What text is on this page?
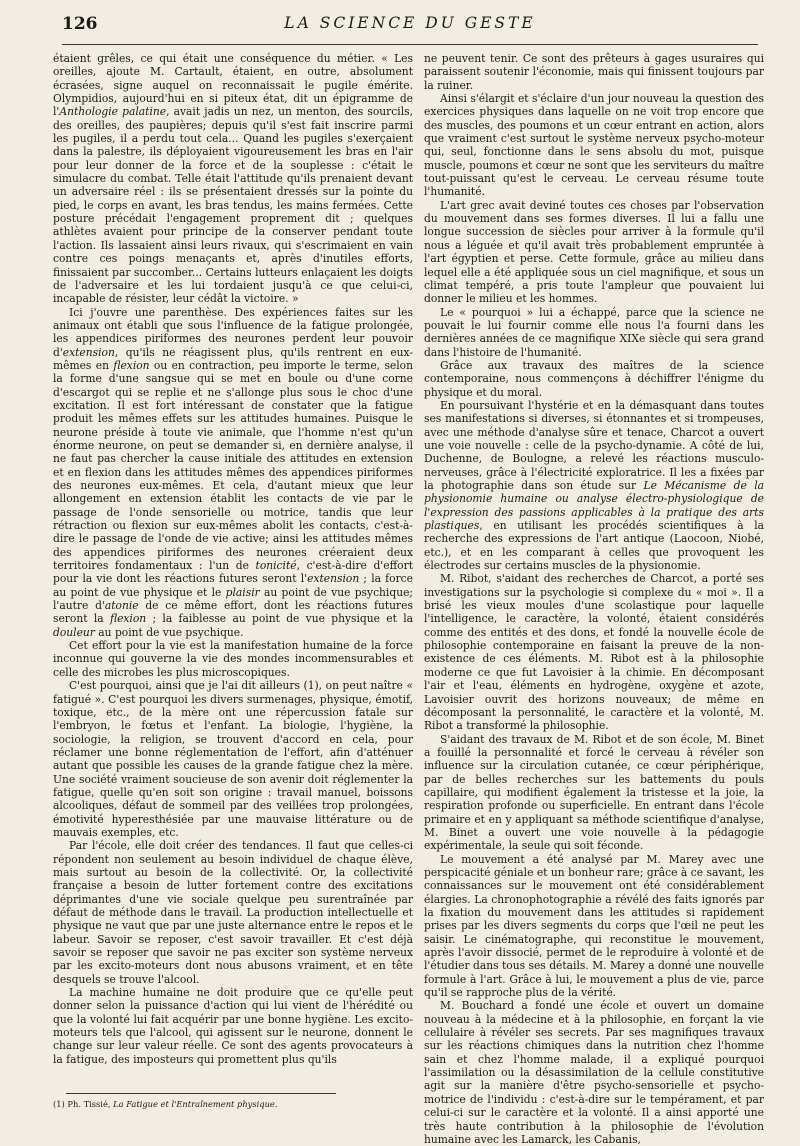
126	LA SCIENCE DU GESTE

étaient grêles, ce qui était une conséquence du métier. « Les oreilles, ajoute M. Cartault, étaient, en outre, absolument écrasées, signe auquel on reconnaissait le pugile émérite. Olympidios, aujourd'hui en si piteux état, dit un épigramme de l'Anthologie palatine, avait jadis un nez, un menton, des sourcils, des oreilles, des paupières; depuis qu'il s'est fait inscrire parmi les pugiles, il a perdu tout cela... Quand les pugiles s'exerçaient dans la palestre, ils déployaient vigoureusement les bras en l'air pour leur donner de la force et de la souplesse : c'était le simulacre du combat. Telle était l'attitude qu'ils prenaient devant un adversaire réel : ils se présentaient dressés sur la pointe du pied, le corps en avant, les bras tendus, les mains fermées. Cette posture précédait l'engagement proprement dit ; quelques athlètes avaient pour principe de la conserver pendant toute l'action. Ils lassaient ainsi leurs rivaux, qui s'escrimaient en vain contre ces poings menaçants et, après d'inutiles efforts, finissaient par succomber... Certains lutteurs enlaçaient les doigts de l'adversaire et les lui tordaient jusqu'à ce que celui-ci, incapable de résister, leur cédât la victoire. »

Ici j'ouvre une parenthèse. Des expériences faites sur les animaux ont établi que sous l'influence de la fatigue prolongée, les appendices piriformes des neurones perdent leur pouvoir d'extension, qu'ils ne réagissent plus, qu'ils rentrent en eux-mêmes en flexion ou en contraction, peu importe le terme, selon la forme d'une sangsue qui se met en boule ou d'une corne d'escargot qui se replie et ne s'allonge plus sous le choc d'une excitation. Il est fort intéressant de constater que la fatigue produit les mêmes effets sur les attitudes humaines. Puisque le neurone préside à toute vie animale, que l'homme n'est qu'un énorme neurone, on peut se demander si, en dernière analyse, il ne faut pas chercher la cause initiale des attitudes en extension et en flexion dans les attitudes mêmes des appendices piriformes des neurones eux-mêmes. Et cela, d'autant mieux que leur allongement en extension établit les contacts de vie par le passage de l'onde sensorielle ou motrice, tandis que leur rétraction ou flexion sur eux-mêmes abolit les contacts, c'est-à-dire le passage de l'onde de vie active; ainsi les attitudes mêmes des appendices piriformes des neurones créeraient deux territoires fondamentaux : l'un de tonicité, c'est-à-dire d'effort pour la vie dont les réactions futures seront l'extension ; la force au point de vue physique et le plaisir au point de vue psychique; l'autre d'atonie de ce même effort, dont les réactions futures seront la flexion ; la faiblesse au point de vue physique et la douleur au point de vue psychique.

Cet effort pour la vie est la manifestation humaine de la force inconnue qui gouverne la vie des mondes incommensurables et celle des microbes les plus microscopiques.

C'est pourquoi, ainsi que je l'ai dit ailleurs (1), on peut naître « fatigué ». C'est pourquoi les divers surmenages, physique, émotif, toxique, etc., de la mère ont une répercussion fatale sur l'embryon, le fœtus et l'enfant. La biologie, l'hygiène, la sociologie, la religion, se trouvent d'accord en cela, pour réclamer une bonne réglementation de l'effort, afin d'atténuer autant que possible les causes de la grande fatigue chez la mère. Une société vraiment soucieuse de son avenir doit réglementer la fatigue, quelle qu'en soit son origine : travail manuel, boissons alcooliques, défaut de sommeil par des veillées trop prolongées, émotivité hyperesthésiée par une mauvaise littérature ou de mauvais exemples, etc.

Par l'école, elle doit créer des tendances. Il faut que celles-ci répondent non seulement au besoin individuel de chaque élève, mais surtout au besoin de la collectivité. Or, la collectivité française a besoin de lutter fortement contre des excitations déprimantes d'une vie sociale quelque peu surentraînée par défaut de méthode dans le travail. La production intellectuelle et physique ne vaut que par une juste alternance entre le repos et le labeur. Savoir se reposer, c'est savoir travailler. Et c'est déjà savoir se reposer que savoir ne pas exciter son système nerveux par les excito-moteurs dont nous abusons vraiment, et en tête desquels se trouve l'alcool.

La machine humaine ne doit produire que ce qu'elle peut donner selon la puissance d'action qui lui vient de l'hérédité ou que la volonté lui fait acquérir par une bonne hygiène. Les excito-moteurs tels que l'alcool, qui agissent sur le neurone, donnent le change sur leur valeur réelle. Ce sont des agents provocateurs à la fatigue, des imposteurs qui promettent plus qu'ils

ne peuvent tenir. Ce sont des prêteurs à gages usuraires qui paraissent soutenir l'économie, mais qui finissent toujours par la ruiner.

Ainsi s'élargit et s'éclaire d'un jour nouveau la question des exercices physiques dans laquelle on ne voit trop encore que des muscles, des poumons et un cœur entrant en action, alors que vraiment c'est surtout le système nerveux psycho-moteur qui, seul, fonctionne dans le sens absolu du mot, puisque muscle, poumons et cœur ne sont que les serviteurs du maître tout-puissant qu'est le cerveau. Le cerveau résume toute l'humanité.

L'art grec avait deviné toutes ces choses par l'observation du mouvement dans ses formes diverses. Il lui a fallu une longue succession de siècles pour arriver à la formule qu'il nous a léguée et qu'il avait très probablement empruntée à l'art égyptien et perse. Cette formule, grâce au milieu dans lequel elle a été appliquée sous un ciel magnifique, et sous un climat tempéré, a pris toute l'ampleur que pouvaient lui donner le milieu et les hommes.

Le « pourquoi » lui a échappé, parce que la science ne pouvait le lui fournir comme elle nous l'a fourni dans les dernières années de ce magnifique XIXe siècle qui sera grand dans l'histoire de l'humanité.

Grâce aux travaux des maîtres de la science contemporaine, nous commençons à déchiffrer l'énigme du physique et du moral.

En poursuivant l'hystérie et en la démasquant dans toutes ses manifestations si diverses, si étonnantes et si trompeuses, avec une méthode d'analyse sûre et tenace, Charcot a ouvert une voie nouvelle : celle de la psycho-dynamie. A côté de lui, Duchenne, de Boulogne, a relevé les réactions musculo-nerveuses, grâce à l'électricité exploratrice. Il les a fixées par la photographie dans son étude sur Le Mécanisme de la physionomie humaine ou analyse électro-physiologique de l'expression des passions applicables à la pratique des arts plastiques, en utilisant les procédés scientifiques à la recherche des expressions de l'art antique (Laocoon, Niobé, etc.), et en les comparant à celles que provoquent les électrodes sur certains muscles de la physionomie.

M. Ribot, s'aidant des recherches de Charcot, a porté ses investigations sur la psychologie si complexe du « moi ». Il a brisé les vieux moules d'une scolastique pour laquelle l'intelligence, le caractère, la volonté, étaient considérés comme des entités et des dons, et fondé la nouvelle école de philosophie contemporaine en faisant la preuve de la non-existence de ces éléments. M. Ribot est à la philosophie moderne ce que fut Lavoisier à la chimie. En décomposant l'air et l'eau, éléments en hydrogène, oxygène et azote, Lavoisier ouvrit des horizons nouveaux; de même en décomposant la personnalité, le caractère et la volonté, M. Ribot a transformé la philosophie.

S'aidant des travaux de M. Ribot et de son école, M. Binet a fouillé la personnalité et forcé le cerveau à révéler son influence sur la circulation cutanée, ce cœur périphérique, par de belles recherches sur les battements du pouls capillaire, qui modifient également la tristesse et la joie, la respiration profonde ou superficielle. En entrant dans l'école primaire et en y appliquant sa méthode scientifique d'analyse, M. Binet a ouvert une voie nouvelle à la pédagogie expérimentale, la seule qui soit féconde.

Le mouvement a été analysé par M. Marey avec une perspicacité géniale et un bonheur rare; grâce à ce savant, les connaissances sur le mouvement ont été considérablement élargies. La chronophotographie a révélé des faits ignorés par la fixation du mouvement dans les attitudes si rapidement prises par les divers segments du corps que l'œil ne peut les saisir. Le cinématographe, qui reconstitue le mouvement, après l'avoir dissocié, permet de le reproduire à volonté et de l'étudier dans tous ses détails. M. Marey a donné une nouvelle formule à l'art. Grâce à lui, le mouvement a plus de vie, parce qu'il se rapproche plus de la vérité.

M. Bouchard a fondé une école et ouvert un domaine nouveau à la médecine et à la philosophie, en forçant la vie cellulaire à révéler ses secrets. Par ses magnifiques travaux sur les réactions chimiques dans la nutrition chez l'homme sain et chez l'homme malade, il a expliqué pourquoi l'assimilation ou la désassimilation de la cellule constitutive agit sur la manière d'être psycho-sensorielle et psycho-motrice de l'individu : c'est-à-dire sur le tempérament, et par celui-ci sur le caractère et la volonté. Il a ainsi apporté une très haute contribution à la philosophie de l'évolution humaine avec les Lamarck, les Cabanis,

(1) Ph. Tissié, La Fatigue et l'Entraînement physique.
